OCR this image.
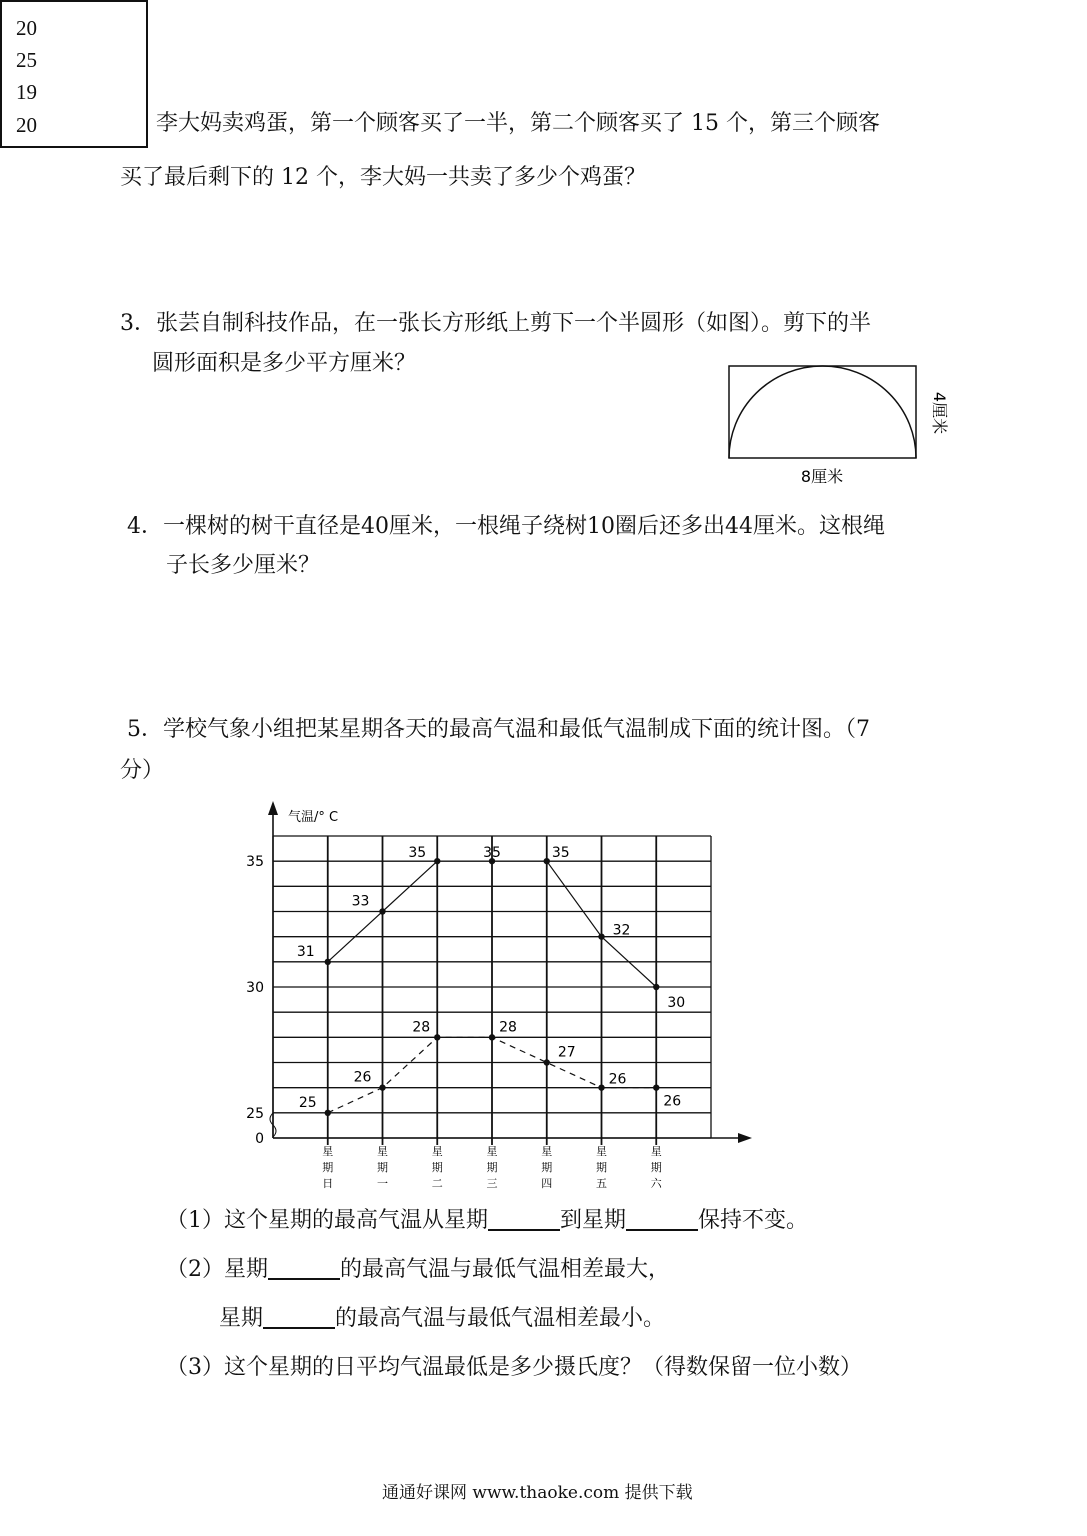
20
25
19
20	李大妈卖鸡蛋，第一个顾客买了一半，第二个顾客买了 15 个，第三个顾客
买了最后剩下的 12 个，李大妈一共卖了多少个鸡蛋？
3．张芸自制科技作品，在一张长方形纸上剪下一个半圆形（如图）。剪下的半
圆形面积是多少平方厘米？
8厘米
4厘米
4．一棵树的树干直径是40厘米，一根绳子绕树10圈后还多出44厘米。这根绳
子长多少厘米？
5．学校气象小组把某星期各天的最高气温和最低气温制成下面的统计图。（7
分）
气温/° C
35
30
25
0
星期日
星期一
星期二
星期三
星期四
星期五
星期六
31
33
35	35	35
32
30
25
26
28	28
27
26
26
（1）这个星期的最高气温从星期	到星期	保持不变。
（2）星期	的最高气温与最低气温相差最大，
星期	的最高气温与最低气温相差最小。
（3）这个星期的日平均气温最低是多少摄氏度？（得数保留一位小数）
通通好课网 www.thaoke.com 提供下载
